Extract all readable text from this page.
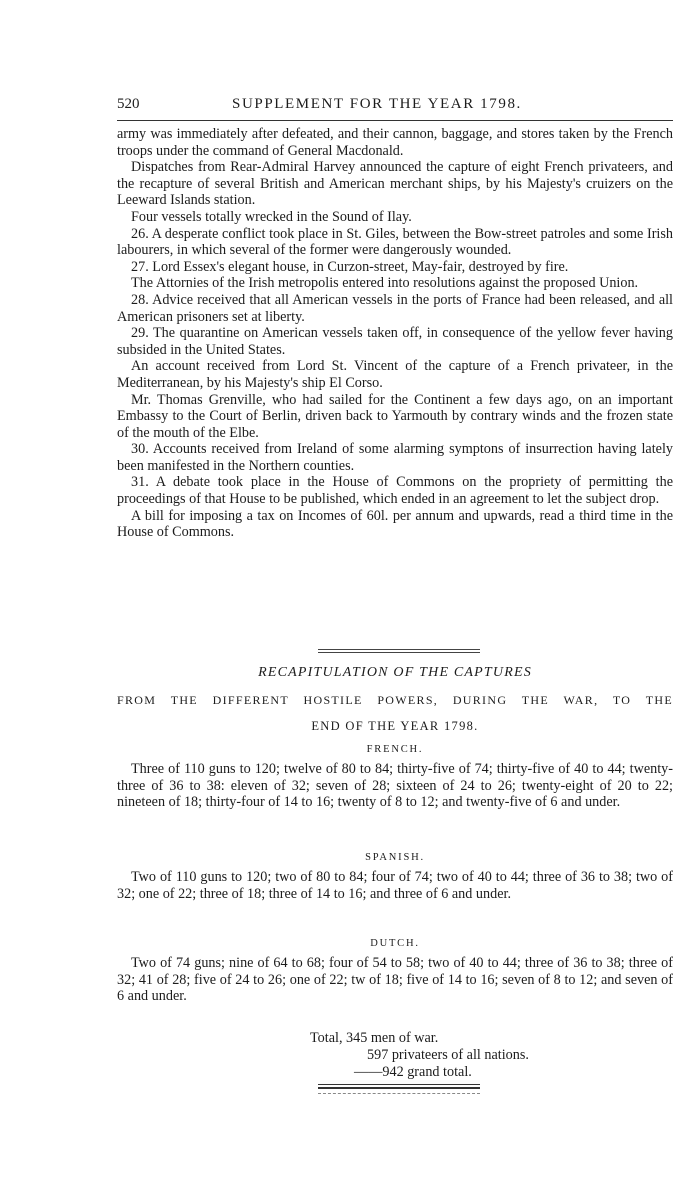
520	SUPPLEMENT FOR THE YEAR 1798.

army was immediately after defeated, and their cannon, baggage, and stores taken by the French troops under the command of General Macdonald.

Dispatches from Rear-Admiral Harvey announced the capture of eight French privateers, and the recapture of several British and American merchant ships, by his Majesty's cruizers on the Leeward Islands station.

Four vessels totally wrecked in the Sound of Ilay.

26. A desperate conflict took place in St. Giles, between the Bow-street patroles and some Irish labourers, in which several of the former were dangerously wounded.

27. Lord Essex's elegant house, in Curzon-street, May-fair, destroyed by fire.

The Attornies of the Irish metropolis entered into resolutions against the proposed Union.

28. Advice received that all American vessels in the ports of France had been released, and all American prisoners set at liberty.

29. The quarantine on American vessels taken off, in consequence of the yellow fever having subsided in the United States.

An account received from Lord St. Vincent of the capture of a French privateer, in the Mediterranean, by his Majesty's ship El Corso.

Mr. Thomas Grenville, who had sailed for the Continent a few days ago, on an important Embassy to the Court of Berlin, driven back to Yarmouth by contrary winds and the frozen state of the mouth of the Elbe.

30. Accounts received from Ireland of some alarming symptons of insurrection having lately been manifested in the Northern counties.

31. A debate took place in the House of Commons on the propriety of permitting the proceedings of that House to be published, which ended in an agreement to let the subject drop.

A bill for imposing a tax on Incomes of 60l. per annum and upwards, read a third time in the House of Commons.

RECAPITULATION OF THE CAPTURES
FROM THE DIFFERENT HOSTILE POWERS, DURING THE WAR, TO THE
END OF THE YEAR 1798.

FRENCH.

Three of 110 guns to 120; twelve of 80 to 84; thirty-five of 74; thirty-five of 40 to 44; twenty-three of 36 to 38: eleven of 32; seven of 28; sixteen of 24 to 26; twenty-eight of 20 to 22; nineteen of 18; thirty-four of 14 to 16; twenty of 8 to 12; and twenty-five of 6 and under.

SPANISH.

Two of 110 guns to 120; two of 80 to 84; four of 74; two of 40 to 44; three of 36 to 38; two of 32; one of 22; three of 18; three of 14 to 16; and three of 6 and under.

DUTCH.

Two of 74 guns; nine of 64 to 68; four of 54 to 58; two of 40 to 44; three of 36 to 38; three of 32; 41 of 28; five of 24 to 26; one of 22; tw of 18; five of 14 to 16; seven of 8 to 12; and seven of 6 and under.

Total, 345 men of war.
597 privateers of all nations.
——942 grand total.
